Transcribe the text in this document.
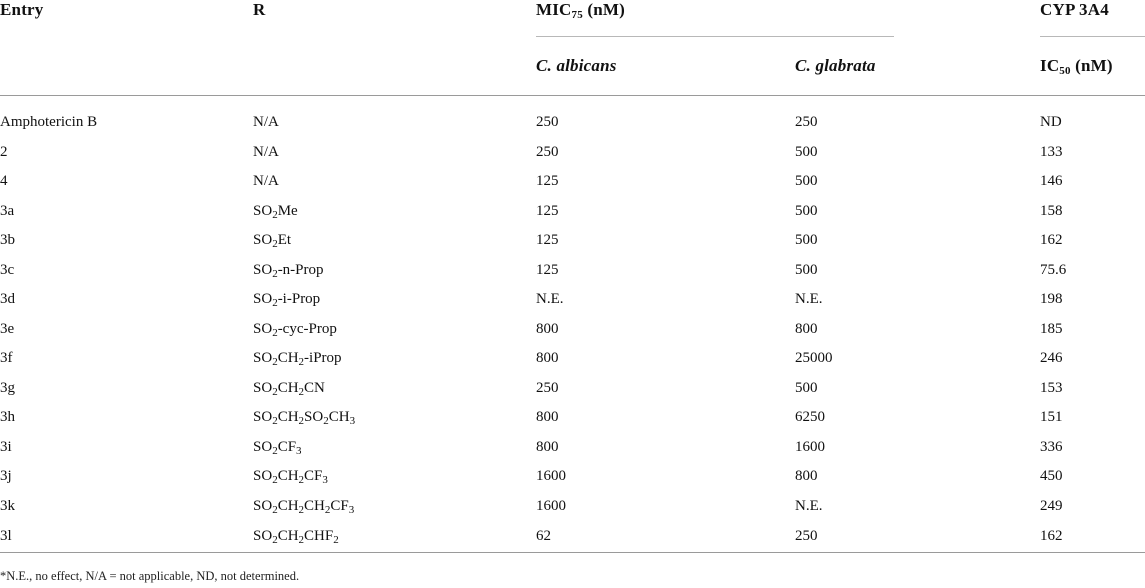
Entry	R	$MIC_{75}$ (nM)		CYP 3A4

		C. albicans	C. glabrata	$IC_{50}$ (nM)
Amphotericin B	N/A	250	250	ND
2	N/A	250	500	133
4	N/A	125	500	146
3a	$SO_2Me$	125	500	158
3b	$SO_2Et$	125	500	162
3c	$SO_2-n$-Prop	125	500	75.6
3d	$SO_2-i$-Prop	N.E.	N.E.	198
3e	$SO_2-cyc$-Prop	800	800	185
3f	$SO_2CH_2$-iProp	800	25000	246
3g	$SO_2CH_2CN$	250	500	153
3h	$SO_2CH_2SO_2CH_3$	800	6250	151
3i	$SO_2CF_3$	800	1600	336
3j	$SO_2CH_2CF_3$	1600	800	450
3k	$SO_2CH_2CH_2CF_3$	1600	N.E.	249
3l	$SO_2CH_2CHF_2$	62	250	162
*N.E., no effect, N/A = not applicable, ND, not determined.
